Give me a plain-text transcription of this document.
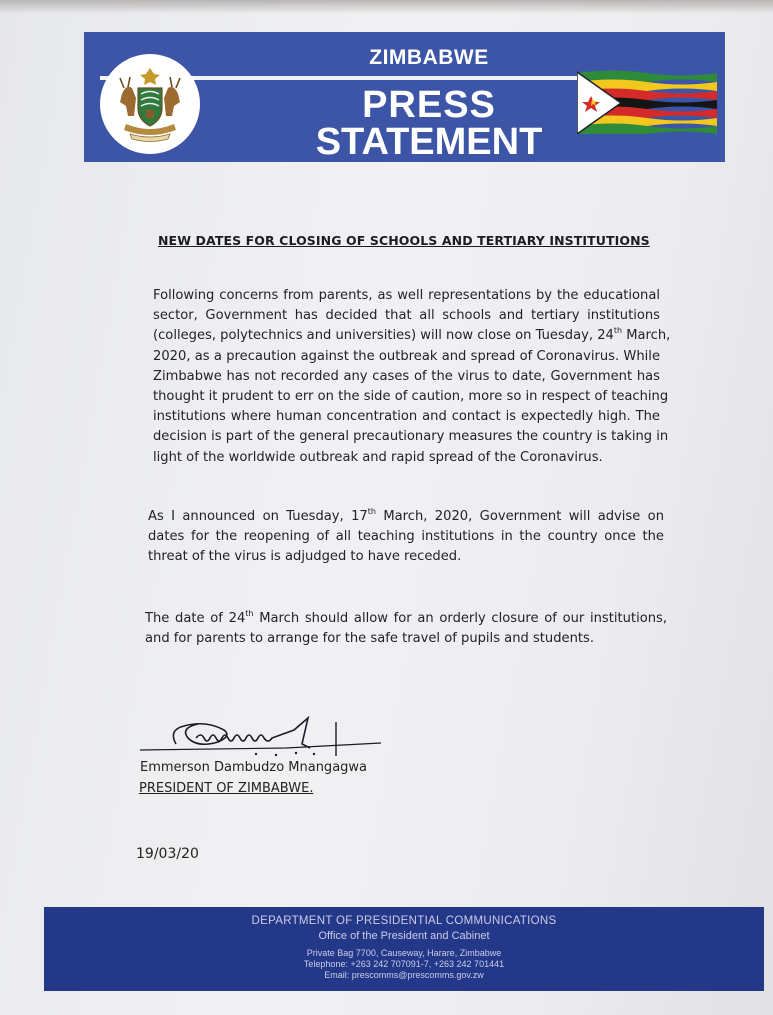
ZIMBABWE
PRESS
STATEMENT
NEW DATES FOR CLOSING OF SCHOOLS AND TERTIARY INSTITUTIONS
Following concerns from parents, as well representations by the educational
sector, Government has decided that all schools and tertiary institutions
(colleges, polytechnics and universities) will now close on Tuesday, 24th March,
2020, as a precaution against the outbreak and spread of Coronavirus. While
Zimbabwe has not recorded any cases of the virus to date, Government has
thought it prudent to err on the side of caution, more so in respect of teaching
institutions where human concentration and contact is expectedly high. The
decision is part of the general precautionary measures the country is taking in
light of the worldwide outbreak and rapid spread of the Coronavirus.
As I announced on Tuesday, 17th March, 2020, Government will advise on
dates for the reopening of all teaching institutions in the country once the
threat of the virus is adjudged to have receded.
The date of 24th March should allow for an orderly closure of our institutions,
and for parents to arrange for the safe travel of pupils and students.
Emmerson Dambudzo Mnangagwa
PRESIDENT OF ZIMBABWE.
19/03/20
DEPARTMENT OF PRESIDENTIAL COMMUNICATIONS
Office of the President and Cabinet
Private Bag 7700, Causeway, Harare, Zimbabwe
Telephone: +263 242 707091-7, +263 242 701441
Email: prescomms@prescomms.gov.zw
